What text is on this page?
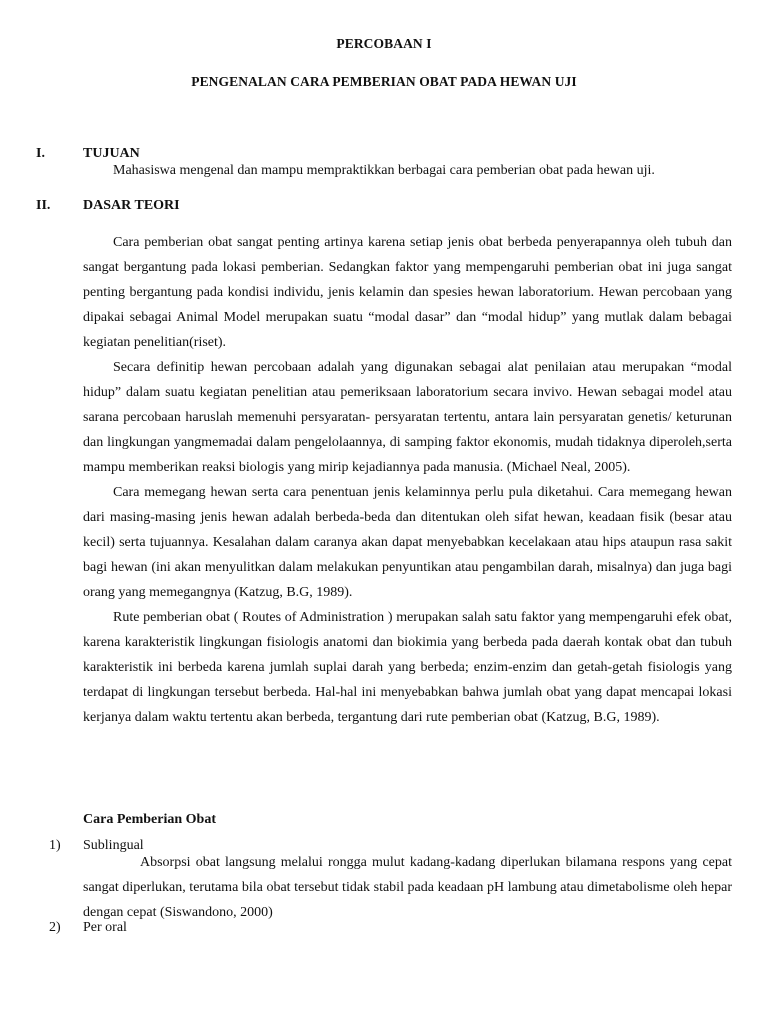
PERCOBAAN I
PENGENALAN CARA PEMBERIAN OBAT PADA HEWAN UJI
I.	TUJUAN
Mahasiswa mengenal dan mampu mempraktikkan berbagai cara pemberian obat pada hewan uji.
II.	DASAR TEORI

Cara pemberian obat sangat penting artinya karena setiap jenis obat berbeda penyerapannya oleh tubuh dan sangat bergantung pada lokasi pemberian. Sedangkan faktor yang mempengaruhi pemberian obat ini juga sangat penting bergantung pada kondisi individu, jenis kelamin dan spesies hewan laboratorium. Hewan percobaan yang dipakai sebagai Animal Model merupakan suatu “modal dasar” dan “modal hidup” yang mutlak dalam bebagai kegiatan penelitian(riset).

Secara definitip hewan percobaan adalah yang digunakan sebagai alat penilaian atau merupakan “modal hidup” dalam suatu kegiatan penelitian atau pemeriksaan laboratorium secara invivo. Hewan sebagai model atau sarana percobaan haruslah memenuhi persyaratan- persyaratan tertentu, antara lain persyaratan genetis/ keturunan dan lingkungan yangmemadai dalam pengelolaannya, di samping faktor ekonomis, mudah tidaknya diperoleh,serta mampu memberikan reaksi biologis yang mirip kejadiannya pada manusia. (Michael Neal, 2005).

Cara memegang hewan serta cara penentuan jenis kelaminnya perlu pula diketahui. Cara memegang hewan dari masing-masing jenis hewan adalah berbeda-beda dan ditentukan oleh sifat hewan, keadaan fisik (besar atau kecil) serta tujuannya. Kesalahan dalam caranya akan dapat menyebabkan kecelakaan atau hips ataupun rasa sakit bagi hewan (ini akan menyulitkan dalam melakukan penyuntikan atau pengambilan darah, misalnya) dan juga bagi orang yang memegangnya (Katzug, B.G, 1989).

Rute pemberian obat ( Routes of Administration ) merupakan salah satu faktor yang mempengaruhi efek obat, karena karakteristik lingkungan fisiologis anatomi dan biokimia yang berbeda pada daerah kontak obat dan tubuh karakteristik ini berbeda karena jumlah suplai darah yang berbeda; enzim-enzim dan getah-getah fisiologis yang terdapat di lingkungan tersebut berbeda. Hal-hal ini menyebabkan bahwa jumlah obat yang dapat mencapai lokasi kerjanya dalam waktu tertentu akan berbeda, tergantung dari rute pemberian obat (Katzug, B.G, 1989).

Cara Pemberian Obat
1)	Sublingual

Absorpsi obat langsung melalui rongga mulut kadang-kadang diperlukan bilamana respons yang cepat sangat diperlukan, terutama bila obat tersebut tidak stabil pada keadaan pH lambung atau dimetabolisme oleh hepar dengan cepat (Siswandono, 2000)

2)	Per oral
